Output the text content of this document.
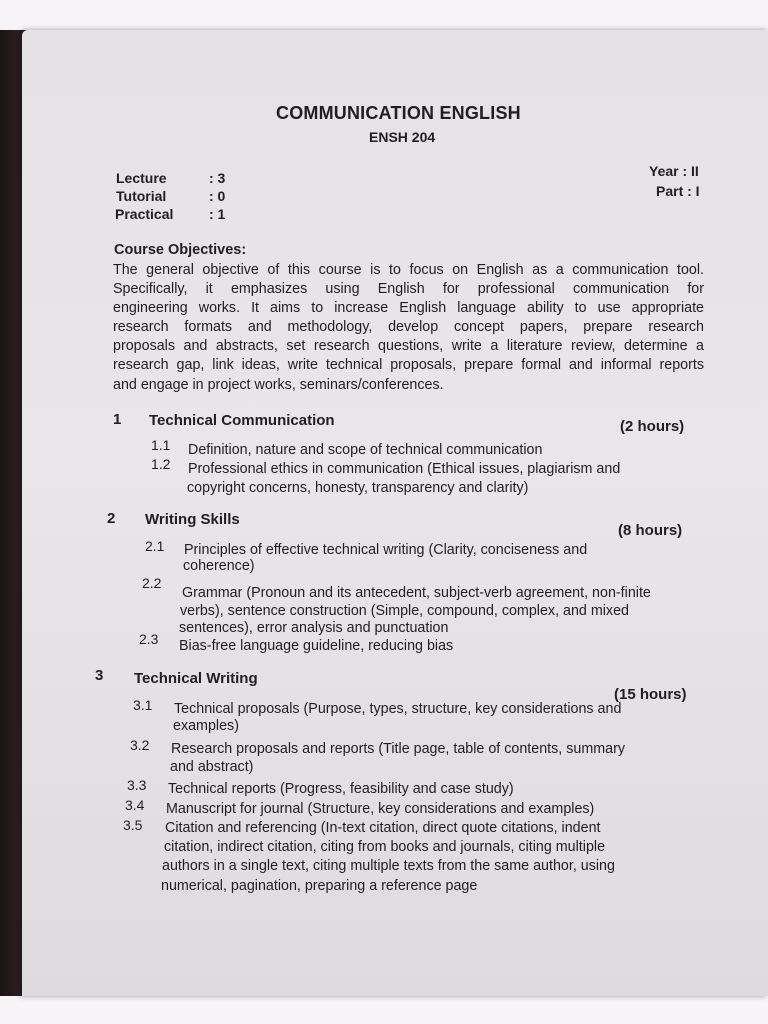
COMMUNICATION ENGLISH
ENSH 204
Lecture	: 3
Tutorial	: 0
Practical	: 1
Year : II
Part : I
Course Objectives:
The general objective of this course is to focus on English as a communication tool.
Specifically, it emphasizes using English for professional communication for
engineering works. It aims to increase English language ability to use appropriate
research formats and methodology, develop concept papers, prepare research
proposals and abstracts, set research questions, write a literature review, determine a
research gap, link ideas, write technical proposals, prepare formal and informal reports
and engage in project works, seminars/conferences.
1 Technical Communication	(2 hours)
1.1 Definition, nature and scope of technical communication
1.2 Professional ethics in communication (Ethical issues, plagiarism and
copyright concerns, honesty, transparency and clarity)
2 Writing Skills
(8 hours)
2.1 Principles of effective technical writing (Clarity, conciseness and
coherence)
2.2
Grammar (Pronoun and its antecedent, subject-verb agreement, non-finite
verbs), sentence construction (Simple, compound, complex, and mixed
sentences), error analysis and punctuation
2.3 Bias-free language guideline, reducing bias
3 Technical Writing
(15 hours)
3.1 Technical proposals (Purpose, types, structure, key considerations and
examples)
3.2 Research proposals and reports (Title page, table of contents, summary
and abstract)
3.3 Technical reports (Progress, feasibility and case study)
3.4 Manuscript for journal (Structure, key considerations and examples)
3.5 Citation and referencing (In-text citation, direct quote citations, indent
citation, indirect citation, citing from books and journals, citing multiple
authors in a single text, citing multiple texts from the same author, using
numerical, pagination, preparing a reference page
